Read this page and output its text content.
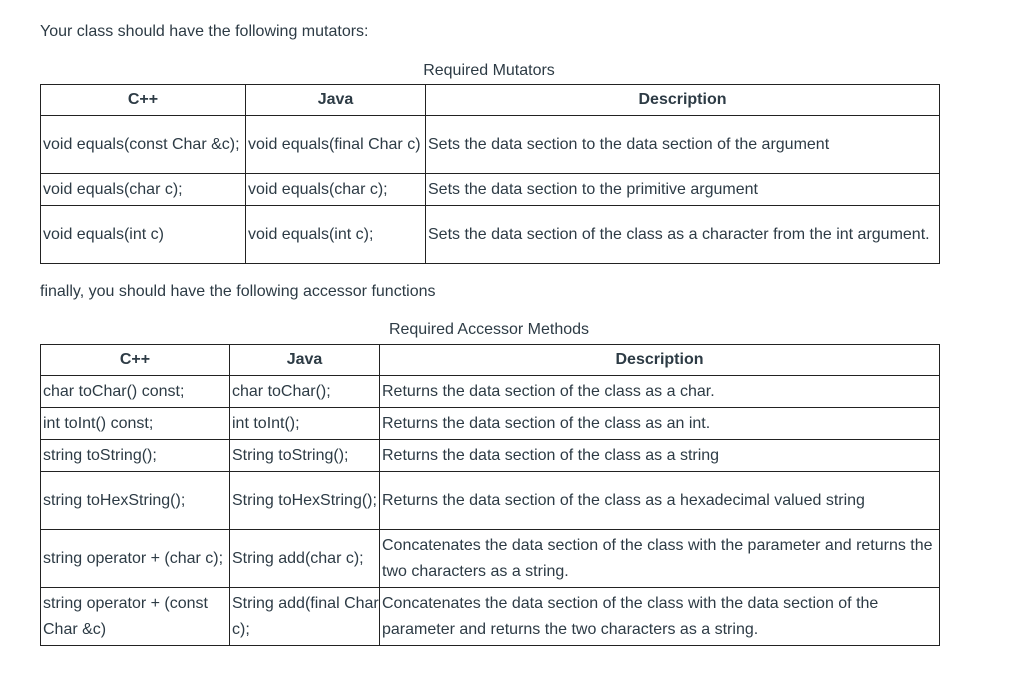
Your class should have the following mutators:
Required Mutators
C++	Java	Description
void equals(const Char &c);	void equals(final Char c)	Sets the data section to the data section of the argument
void equals(char c);	void equals(char c);	Sets the data section to the primitive argument
void equals(int c)	void equals(int c);	Sets the data section of the class as a character from the int argument.
finally, you should have the following accessor functions
Required Accessor Methods
C++	Java	Description
char toChar() const;	char toChar();	Returns the data section of the class as a char.
int toInt() const;	int toInt();	Returns the data section of the class as an int.
string toString();	String toString();	Returns the data section of the class as a string
string toHexString();	String toHexString();	Returns the data section of the class as a hexadecimal valued string
string operator + (char c);	String add(char c);	Concatenates the data section of the class with the parameter and returns the two characters as a string.
string operator + (const Char &c)	String add(final Char c);	Concatenates the data section of the class with the data section of the parameter and returns the two characters as a string.
